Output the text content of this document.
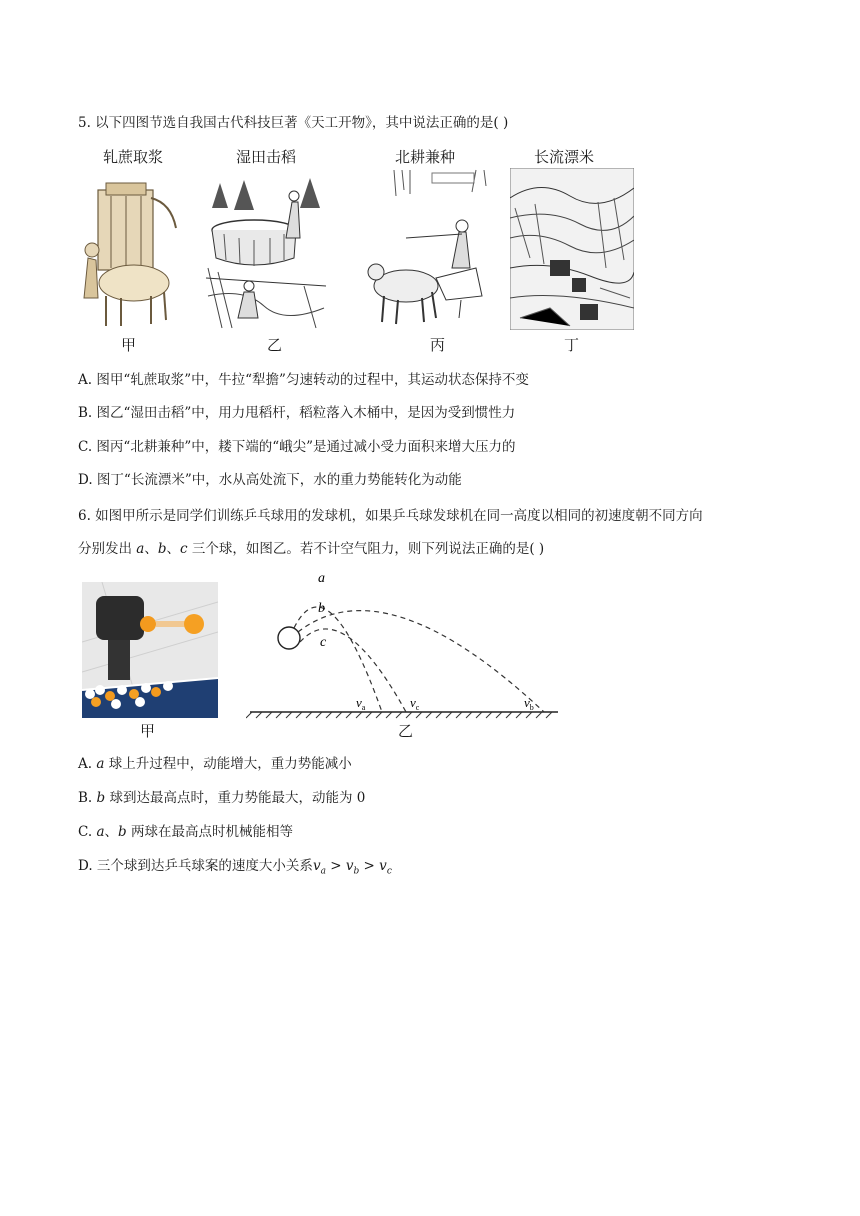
5. 以下四图节选自我国古代科技巨著《天工开物》，其中说法正确的是( )
轧蔗取浆
甲
湿田击稻
乙
北耕兼种
丙
长流漂米
丁
A. 图甲“轧蔗取浆”中，牛拉“犁擔”匀速转动的过程中，其运动状态保持不变
B. 图乙“湿田击稻”中，用力甩稻杆，稻粒落入木桶中，是因为受到惯性力
C. 图丙“北耕兼种”中，耧下端的“峨尖”是通过减小受力面积来增大压力的
D. 图丁“长流漂米”中，水从高处流下，水的重力势能转化为动能
6. 如图甲所示是同学们训练乒乓球用的发球机，如果乒乓球发球机在同一高度以相同的初速度朝不同方向
分别发出 a、b、c 三个球，如图乙。若不计空气阻力，则下列说法正确的是( )
甲
a
b
c
$v_a$	$v_c$	$v_b$
乙
A. a 球上升过程中，动能增大，重力势能减小
B. b 球到达最高点时，重力势能最大，动能为 0
C. a、b 两球在最高点时机械能相等
D. 三个球到达乒乓球案的速度大小关系$v_a > v_b > v_c$
